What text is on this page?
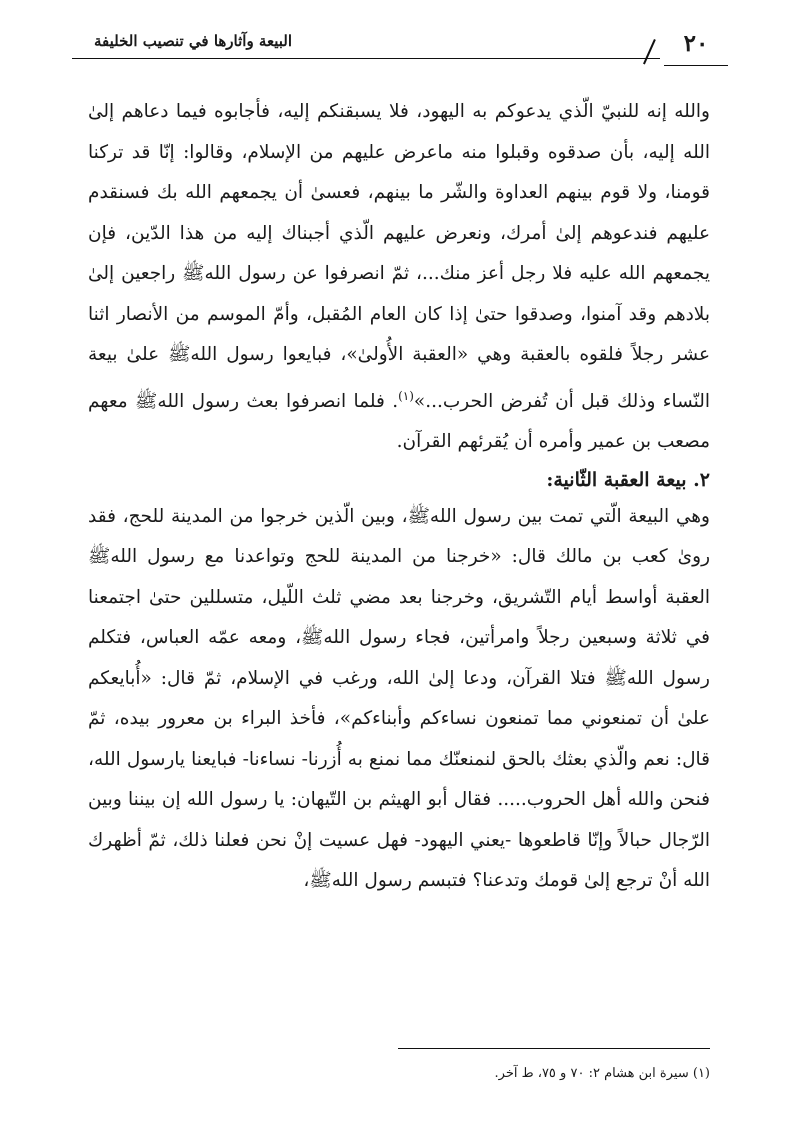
البيعة وآثارها في تنصيب الخليفة	٢٠

والله إنه للنبيّ الّذي يدعوكم به اليهود، فلا يسبقنكم إليه، فأجابوه فيما دعاهم إلىٰ الله إليه، بأن صدقوه وقبلوا منه ماعرض عليهم من الإسلام، وقالوا: إنّا قد تركنا قومنا، ولا قوم بينهم العداوة والشّر ما بينهم، فعسىٰ أن يجمعهم الله بك فسنقدم عليهم فندعوهم إلىٰ أمرك، ونعرض عليهم الّذي أجبناك إليه من هذا الدّين، فإن يجمعهم الله عليه فلا رجل أعز منك...، ثمّ انصرفوا عن رسول اللهﷺ راجعين إلىٰ بلادهم وقد آمنوا، وصدقوا حتىٰ إذا كان العام المُقبل، وأمّ الموسم من الأنصار اثنا عشر رجلاً فلقوه بالعقبة وهي «العقبة الأُولىٰ»، فبايعوا رسول اللهﷺ علىٰ بيعة النّساء وذلك قبل أن تُفرض الحرب...»$^{(١)}$. فلما انصرفوا بعث رسول اللهﷺ معهم مصعب بن عمير وأمره أن يُقرئهم القرآن.

٢. بيعة العقبة الثّانية:

وهي البيعة الّتي تمت بين رسول اللهﷺ، وبين الّذين خرجوا من المدينة للحج، فقد روىٰ كعب بن مالك قال: «خرجنا من المدينة للحج وتواعدنا مع رسول اللهﷺ العقبة أواسط أيام التّشريق، وخرجنا بعد مضي ثلث اللّيل، متسللين حتىٰ اجتمعنا في ثلاثة وسبعين رجلاً وامرأتين، فجاء رسول اللهﷺ، ومعه عمّه العباس، فتكلم رسول اللهﷺ فتلا القرآن، ودعا إلىٰ الله، ورغب في الإسلام، ثمّ قال: «أُبايعكم علىٰ أن تمنعوني مما تمنعون نساءكم وأبناءكم»، فأخذ البراء بن معرور بيده، ثمّ قال: نعم والّذي بعثك بالحق لنمنعنّك مما نمنع به أُزرنا- نساءنا- فبايعنا يارسول الله، فنحن والله أهل الحروب..... فقال أبو الهيثم بن التّيهان: يا رسول الله إن بيننا وبين الرّجال حبالاً وإنّا قاطعوها -يعني اليهود- فهل عسيت إنْ نحن فعلنا ذلك، ثمّ أظهرك الله أنْ ترجع إلىٰ قومك وتدعنا؟ فتبسم رسول اللهﷺ،

(١) سيرة ابن هشام ٢: ٧٠ و ٧٥، ط آخر.
